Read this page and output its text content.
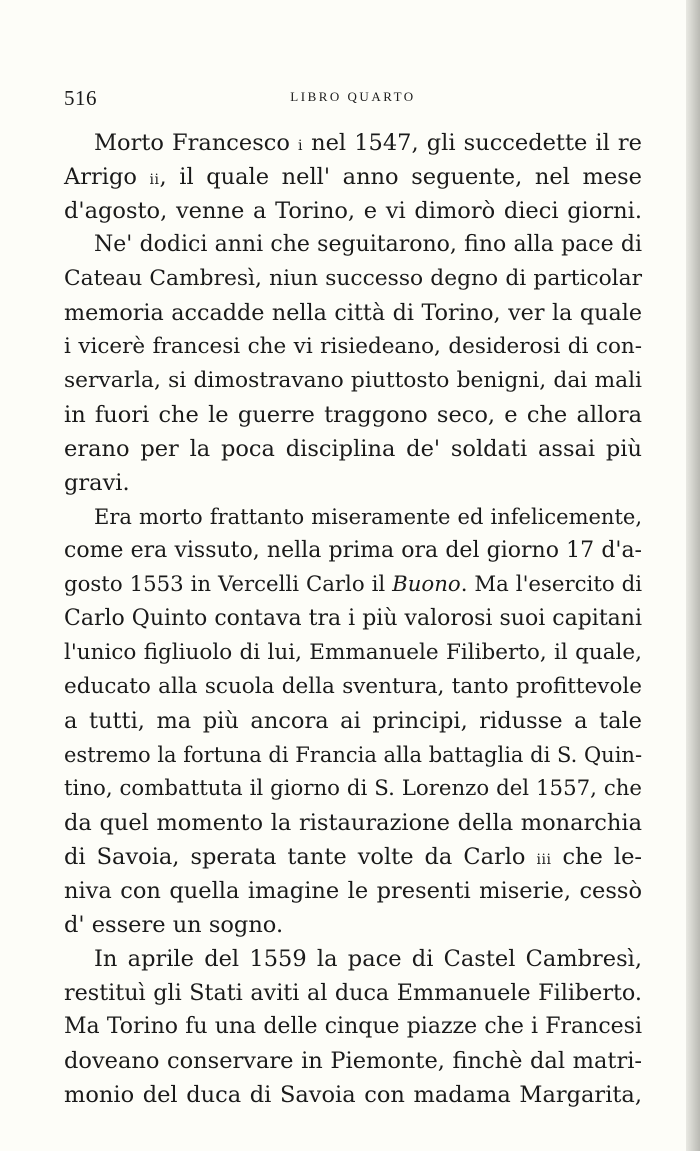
516	LIBRO QUARTO

Morto Francesco i nel 1547, gli succedette il re

Arrigo ii, il quale nell' anno seguente, nel mese

d'agosto, venne a Torino, e vi dimorò dieci giorni.

Ne' dodici anni che seguitarono, fino alla pace di

Cateau Cambresì, niun successo degno di particolar

memoria accadde nella città di Torino, ver la quale

i vicerè francesi che vi risiedeano, desiderosi di con-

servarla, si dimostravano piuttosto benigni, dai mali

in fuori che le guerre traggono seco, e che allora

erano per la poca disciplina de' soldati assai più

gravi.

Era morto frattanto miseramente ed infelicemente,

come era vissuto, nella prima ora del giorno 17 d'a-

gosto 1553 in Vercelli Carlo il Buono. Ma l'esercito di

Carlo Quinto contava tra i più valorosi suoi capitani

l'unico figliuolo di lui, Emmanuele Filiberto, il quale,

educato alla scuola della sventura, tanto profittevole

a tutti, ma più ancora ai principi, ridusse a tale

estremo la fortuna di Francia alla battaglia di S. Quin-

tino, combattuta il giorno di S. Lorenzo del 1557, che

da quel momento la ristaurazione della monarchia

di Savoia, sperata tante volte da Carlo iii che le-

niva con quella imagine le presenti miserie, cessò

d' essere un sogno.

In aprile del 1559 la pace di Castel Cambresì,

restituì gli Stati aviti al duca Emmanuele Filiberto.

Ma Torino fu una delle cinque piazze che i Francesi

doveano conservare in Piemonte, finchè dal matri-

monio del duca di Savoia con madama Margarita,
